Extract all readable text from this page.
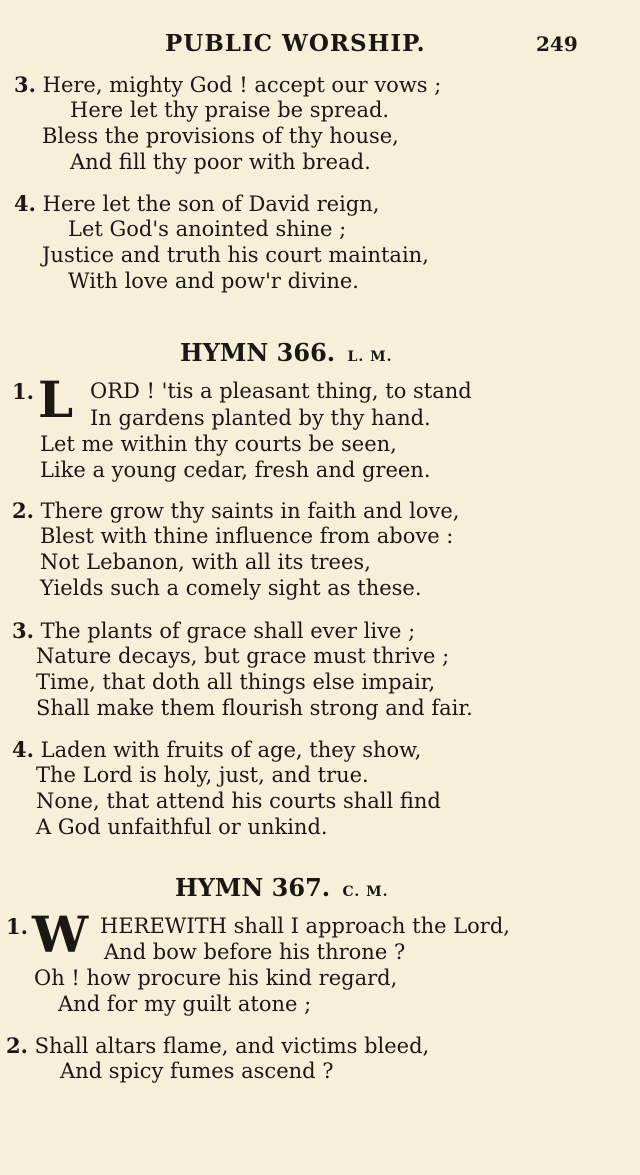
PUBLIC WORSHIP.	249
3. Here, mighty God ! accept our vows ;
Here let thy praise be spread.
Bless the provisions of thy house,
And fill thy poor with bread.
4. Here let the son of David reign,
Let God's anointed shine ;
Justice and truth his court maintain,
With love and pow'r divine.
HYMN 366. L. M.
1. L ORD ! 'tis a pleasant thing, to stand
In gardens planted by thy hand.
Let me within thy courts be seen,
Like a young cedar, fresh and green.
2. There grow thy saints in faith and love,
Blest with thine influence from above :
Not Lebanon, with all its trees,
Yields such a comely sight as these.
3. The plants of grace shall ever live ;
Nature decays, but grace must thrive ;
Time, that doth all things else impair,
Shall make them flourish strong and fair.
4. Laden with fruits of age, they show,
The Lord is holy, just, and true.
None, that attend his courts shall find
A God unfaithful or unkind.
HYMN 367. C. M.
1. W HEREWITH shall I approach the Lord,
And bow before his throne ?
Oh ! how procure his kind regard,
And for my guilt atone ;
2. Shall altars flame, and victims bleed,
And spicy fumes ascend ?
